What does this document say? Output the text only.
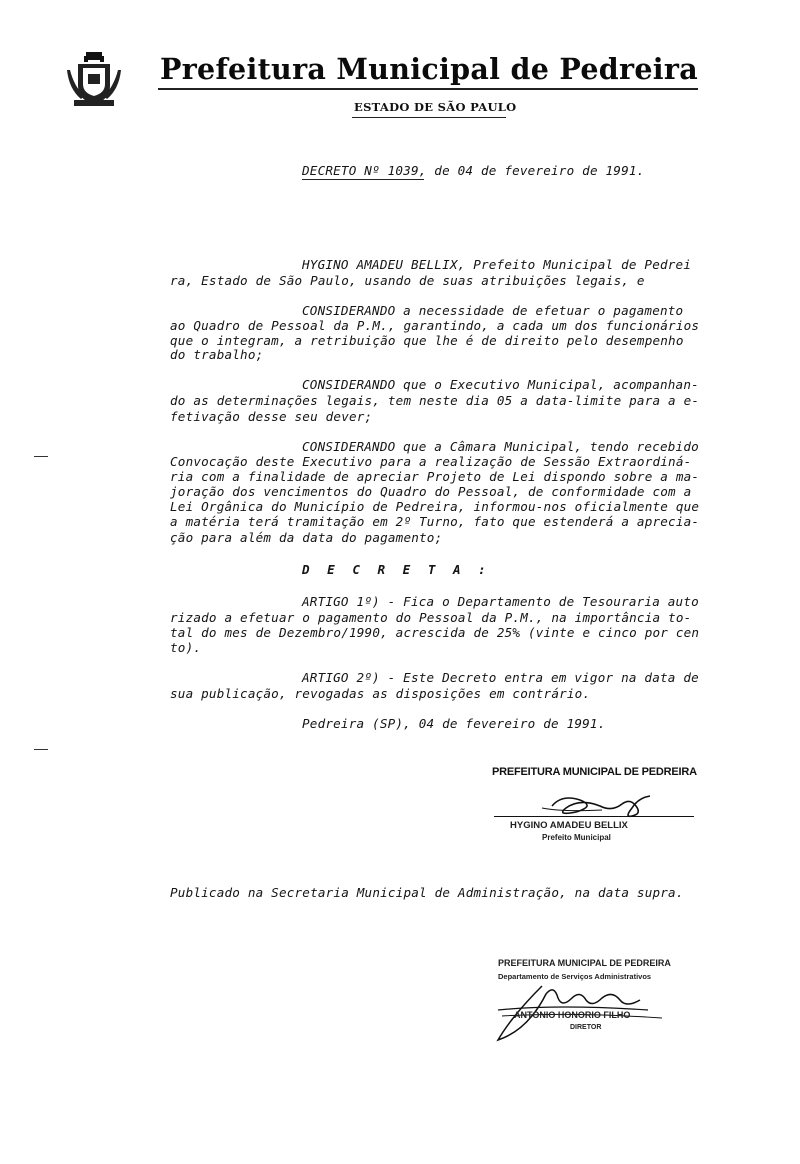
Prefeitura Municipal de Pedreira
ESTADO DE SÃO PAULO
DECRETO Nº 1039, de 04 de fevereiro de 1991.
HYGINO AMADEU BELLIX, Prefeito Municipal de Pedrei
ra, Estado de São Paulo, usando de suas atribuições legais, e
CONSIDERANDO a necessidade de efetuar o pagamento
ao Quadro de Pessoal da P.M., garantindo, a cada um dos funcionários
que o integram, a retribuição que lhe é de direito pelo desempenho
do trabalho;
CONSIDERANDO que o Executivo Municipal, acompanhan-
do as determinações legais, tem neste dia 05 a data-limite para a e-
fetivação desse seu dever;
CONSIDERANDO que a Câmara Municipal, tendo recebido
Convocação deste Executivo para a realização de Sessão Extraordiná-
ria com a finalidade de apreciar Projeto de Lei dispondo sobre a ma-
joração dos vencimentos do Quadro do Pessoal, de conformidade com a
Lei Orgânica do Município de Pedreira, informou-nos oficialmente que
a matéria terá tramitação em 2º Turno, fato que estenderá a aprecia-
ção para além da data do pagamento;
D E C R E T A :
ARTIGO 1º) - Fica o Departamento de Tesouraria auto
rizado a efetuar o pagamento do Pessoal da P.M., na importância to-
tal do mes de Dezembro/1990, acrescida de 25% (vinte e cinco por cen
to).
ARTIGO 2º) - Este Decreto entra em vigor na data de
sua publicação, revogadas as disposições em contrário.
Pedreira (SP), 04 de fevereiro de 1991.
PREFEITURA MUNICIPAL DE PEDREIRA
HYGINO AMADEU BELLIX
Prefeito Municipal
Publicado na Secretaria Municipal de Administração, na data supra.
PREFEITURA MUNICIPAL DE PEDREIRA
Departamento de Serviços Administrativos
ANTONIO HONORIO FILHO
DIRETOR
